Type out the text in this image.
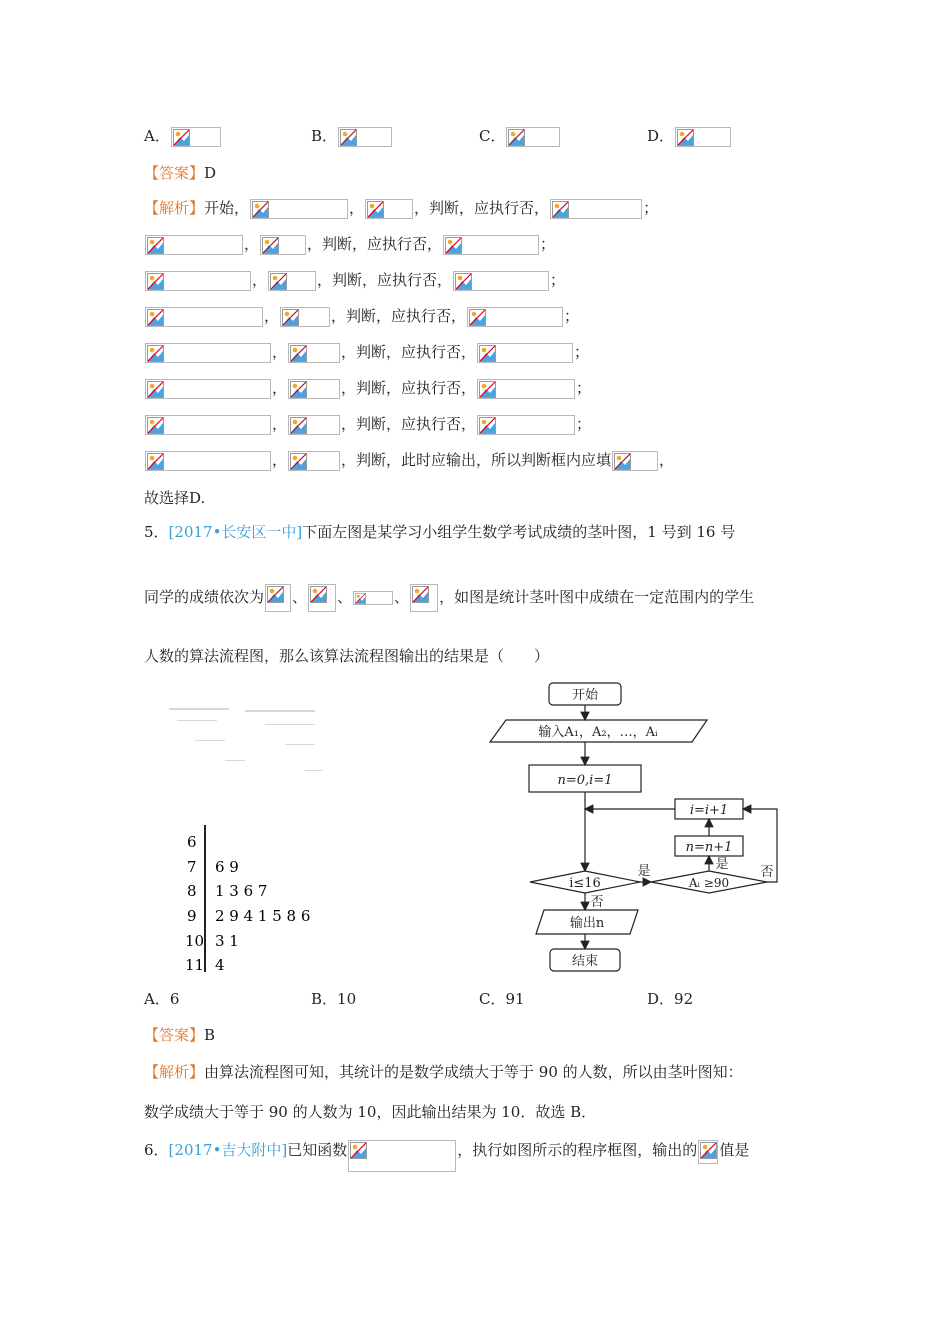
A．	B．	C．	D．
【答案】D
【解析】开始，	，	，判断，应执行否，	；
，	，判断，应执行否，	；
，	，判断，应执行否，	；
，	，判断，应执行否，	；
，	，判断，应执行否，	；
，	，判断，应执行否，	；
，	，判断，应执行否，	；
，	，判断，此时应输出，所以判断框内应填	，
故选择D.
5．[2017•长安区一中]下面左图是某学习小组学生数学考试成绩的茎叶图，1 号到 16 号
同学的成绩依次为 、 、	、 ，如图是统计茎叶图中成绩在一定范围内的学生
人数的算法流程图，那么该算法流程图输出的结果是（　　）
6
7 6 9
8 1 3 6 7
9 2 9 4 1 5 8 6
10 3 1
11 4
开始
输入A₁，A₂，…，Aᵢ
n=0,i=1
i=i+1
n=n+1
i≤16	Aᵢ ≥90
输出n
结束
是	是
否
否
A．6	B．10	C．91	D．92
【答案】B
【解析】由算法流程图可知，其统计的是数学成绩大于等于 90 的人数，所以由茎叶图知：
数学成绩大于等于 90 的人数为 10，因此输出结果为 10．故选 B．
6．[2017•吉大附中]已知函数	，执行如图所示的程序框图，输出的 值是
